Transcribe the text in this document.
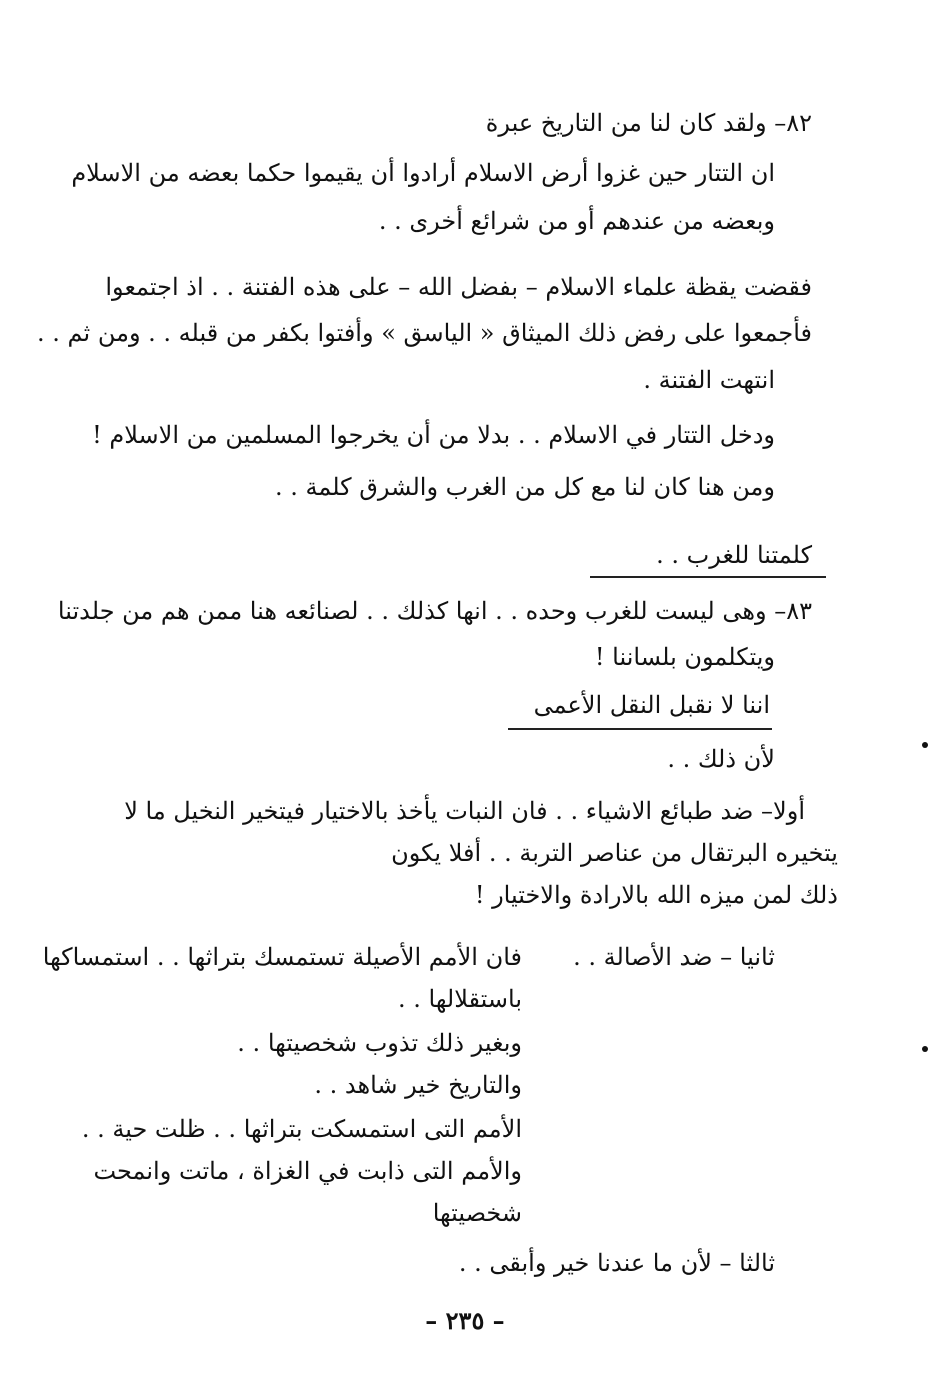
٨٢– ولقد كان لنا من التاريخ عبرة
ان التتار حين غزوا أرض الاسلام أرادوا أن يقيموا حكما بعضه من الاسلام
وبعضه من عندهم أو من شرائع أخرى . .
فقضت يقظة علماء الاسلام – بفضل الله – على هذه الفتنة . . اذ اجتمعوا
فأجمعوا على رفض ذلك الميثاق « الياسق » وأفتوا بكفر من قبله . . ومن ثم . .
انتهت الفتنة .
ودخل التتار في الاسلام . . بدلا من أن يخرجوا المسلمين من الاسلام !
ومن هنا كان لنا مع كل من الغرب والشرق كلمة . .
كلمتنا للغرب . .
٨٣– وهى ليست للغرب وحده . . انها كذلك . . لصنائعه هنا ممن هم من جلدتنا
ويتكلمون بلساننا !
اننا لا نقبل النقل الأعمى
لأن ذلك . .
أولا– ضد طبائع الاشياء . . فان النبات يأخذ بالاختيار فيتخير النخيل ما لا
يتخيره البرتقال من عناصر التربة . . أفلا يكون
ذلك لمن ميزه الله بالارادة والاختيار !
ثانيا – ضد الأصالة . .
فان الأمم الأصيلة تستمسك بتراثها . . استمساكها
باستقلالها . .
وبغير ذلك تذوب شخصيتها . .
والتاريخ خير شاهد . .
الأمم التى استمسكت بتراثها . . ظلت حية . .
والأمم التى ذابت في الغزاة ، ماتت وانمحت
شخصيتها
ثالثا – لأن ما عندنا خير وأبقى . .
– ٢٣٥ –
